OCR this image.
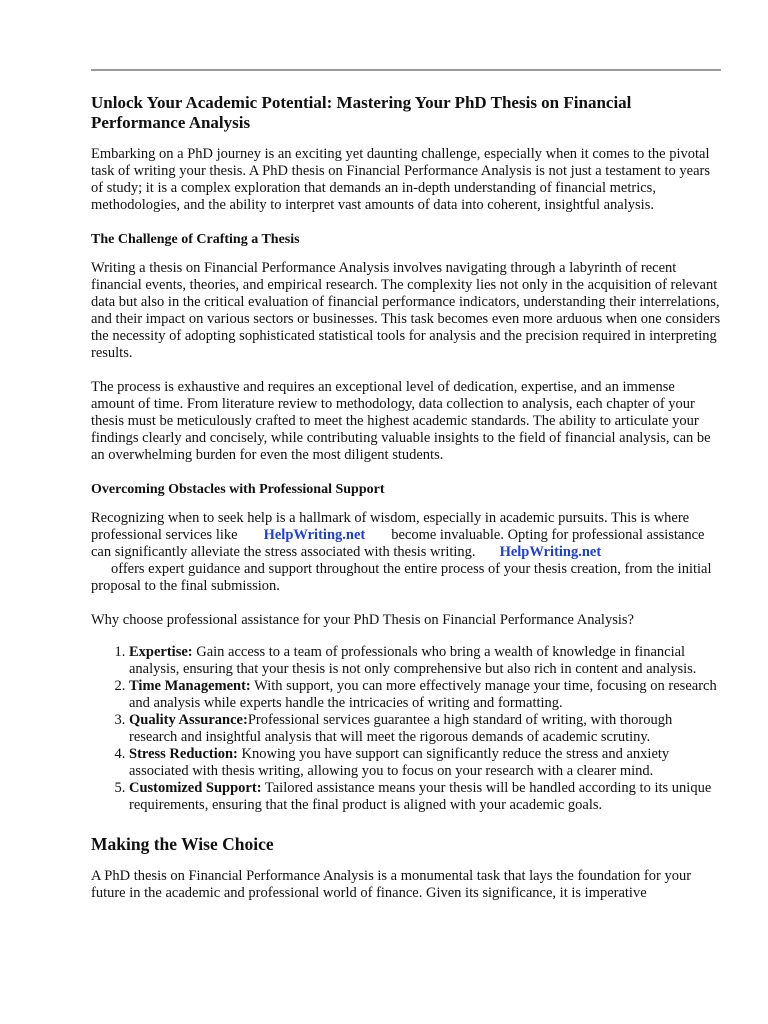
Unlock Your Academic Potential: Mastering Your PhD Thesis on Financial Performance Analysis

Embarking on a PhD journey is an exciting yet daunting challenge, especially when it comes to the pivotal task of writing your thesis. A PhD thesis on Financial Performance Analysis is not just a testament to years of study; it is a complex exploration that demands an in-depth understanding of financial metrics, methodologies, and the ability to interpret vast amounts of data into coherent, insightful analysis.

The Challenge of Crafting a Thesis

Writing a thesis on Financial Performance Analysis involves navigating through a labyrinth of recent financial events, theories, and empirical research. The complexity lies not only in the acquisition of relevant data but also in the critical evaluation of financial performance indicators, understanding their interrelations, and their impact on various sectors or businesses. This task becomes even more arduous when one considers the necessity of adopting sophisticated statistical tools for analysis and the precision required in interpreting results.

The process is exhaustive and requires an exceptional level of dedication, expertise, and an immense amount of time. From literature review to methodology, data collection to analysis, each chapter of your thesis must be meticulously crafted to meet the highest academic standards. The ability to articulate your findings clearly and concisely, while contributing valuable insights to the field of financial analysis, can be an overwhelming burden for even the most diligent students.

Overcoming Obstacles with Professional Support

Recognizing when to seek help is a hallmark of wisdom, especially in academic pursuits. This is where professional services like HelpWriting.net become invaluable. Opting for professional assistance can significantly alleviate the stress associated with thesis writing. HelpWriting.net
offers expert guidance and support throughout the entire process of your thesis creation, from the initial proposal to the final submission.

Why choose professional assistance for your PhD Thesis on Financial Performance Analysis?

1. Expertise: Gain access to a team of professionals who bring a wealth of knowledge in financial analysis, ensuring that your thesis is not only comprehensive but also rich in content and analysis.
2. Time Management: With support, you can more effectively manage your time, focusing on research and analysis while experts handle the intricacies of writing and formatting.
3. Quality Assurance:Professional services guarantee a high standard of writing, with thorough research and insightful analysis that will meet the rigorous demands of academic scrutiny.
4. Stress Reduction: Knowing you have support can significantly reduce the stress and anxiety associated with thesis writing, allowing you to focus on your research with a clearer mind.
5. Customized Support: Tailored assistance means your thesis will be handled according to its unique requirements, ensuring that the final product is aligned with your academic goals.
Making the Wise Choice

A PhD thesis on Financial Performance Analysis is a monumental task that lays the foundation for your future in the academic and professional world of finance. Given its significance, it is imperative
